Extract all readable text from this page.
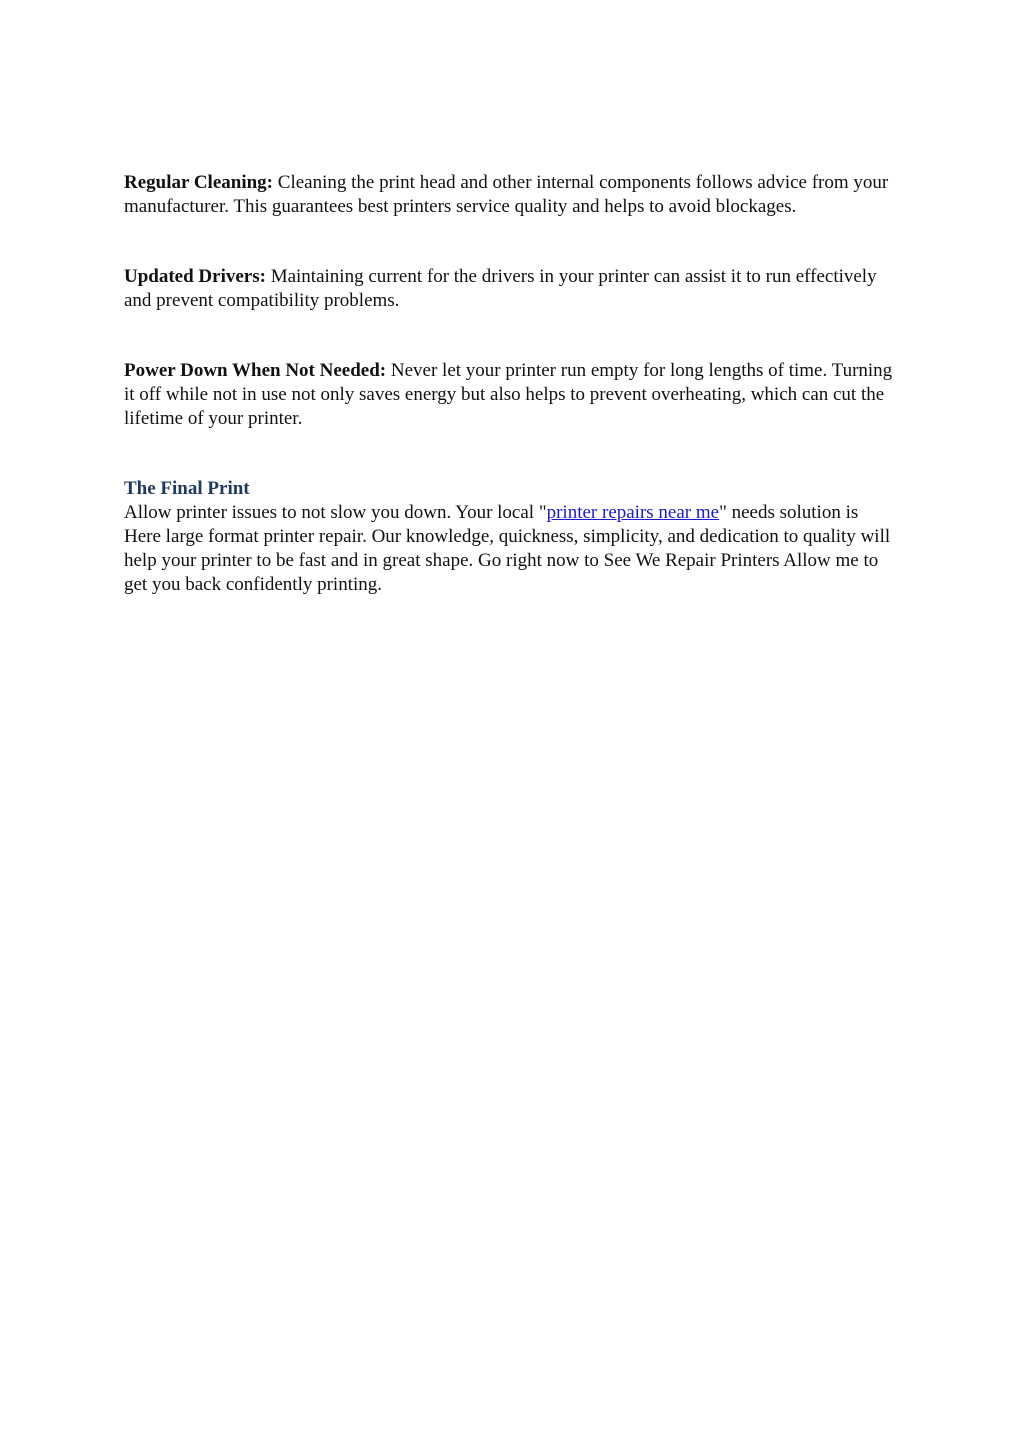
Regular Cleaning: Cleaning the print head and other internal components follows advice from your manufacturer. This guarantees best printers service quality and helps to avoid blockages.

Updated Drivers: Maintaining current for the drivers in your printer can assist it to run effectively and prevent compatibility problems.

Power Down When Not Needed: Never let your printer run empty for long lengths of time. Turning it off while not in use not only saves energy but also helps to prevent overheating, which can cut the lifetime of your printer.

The Final Print

Allow printer issues to not slow you down. Your local "printer repairs near me" needs solution is Here large format printer repair. Our knowledge, quickness, simplicity, and dedication to quality will help your printer to be fast and in great shape. Go right now to See We Repair Printers Allow me to get you back confidently printing.
